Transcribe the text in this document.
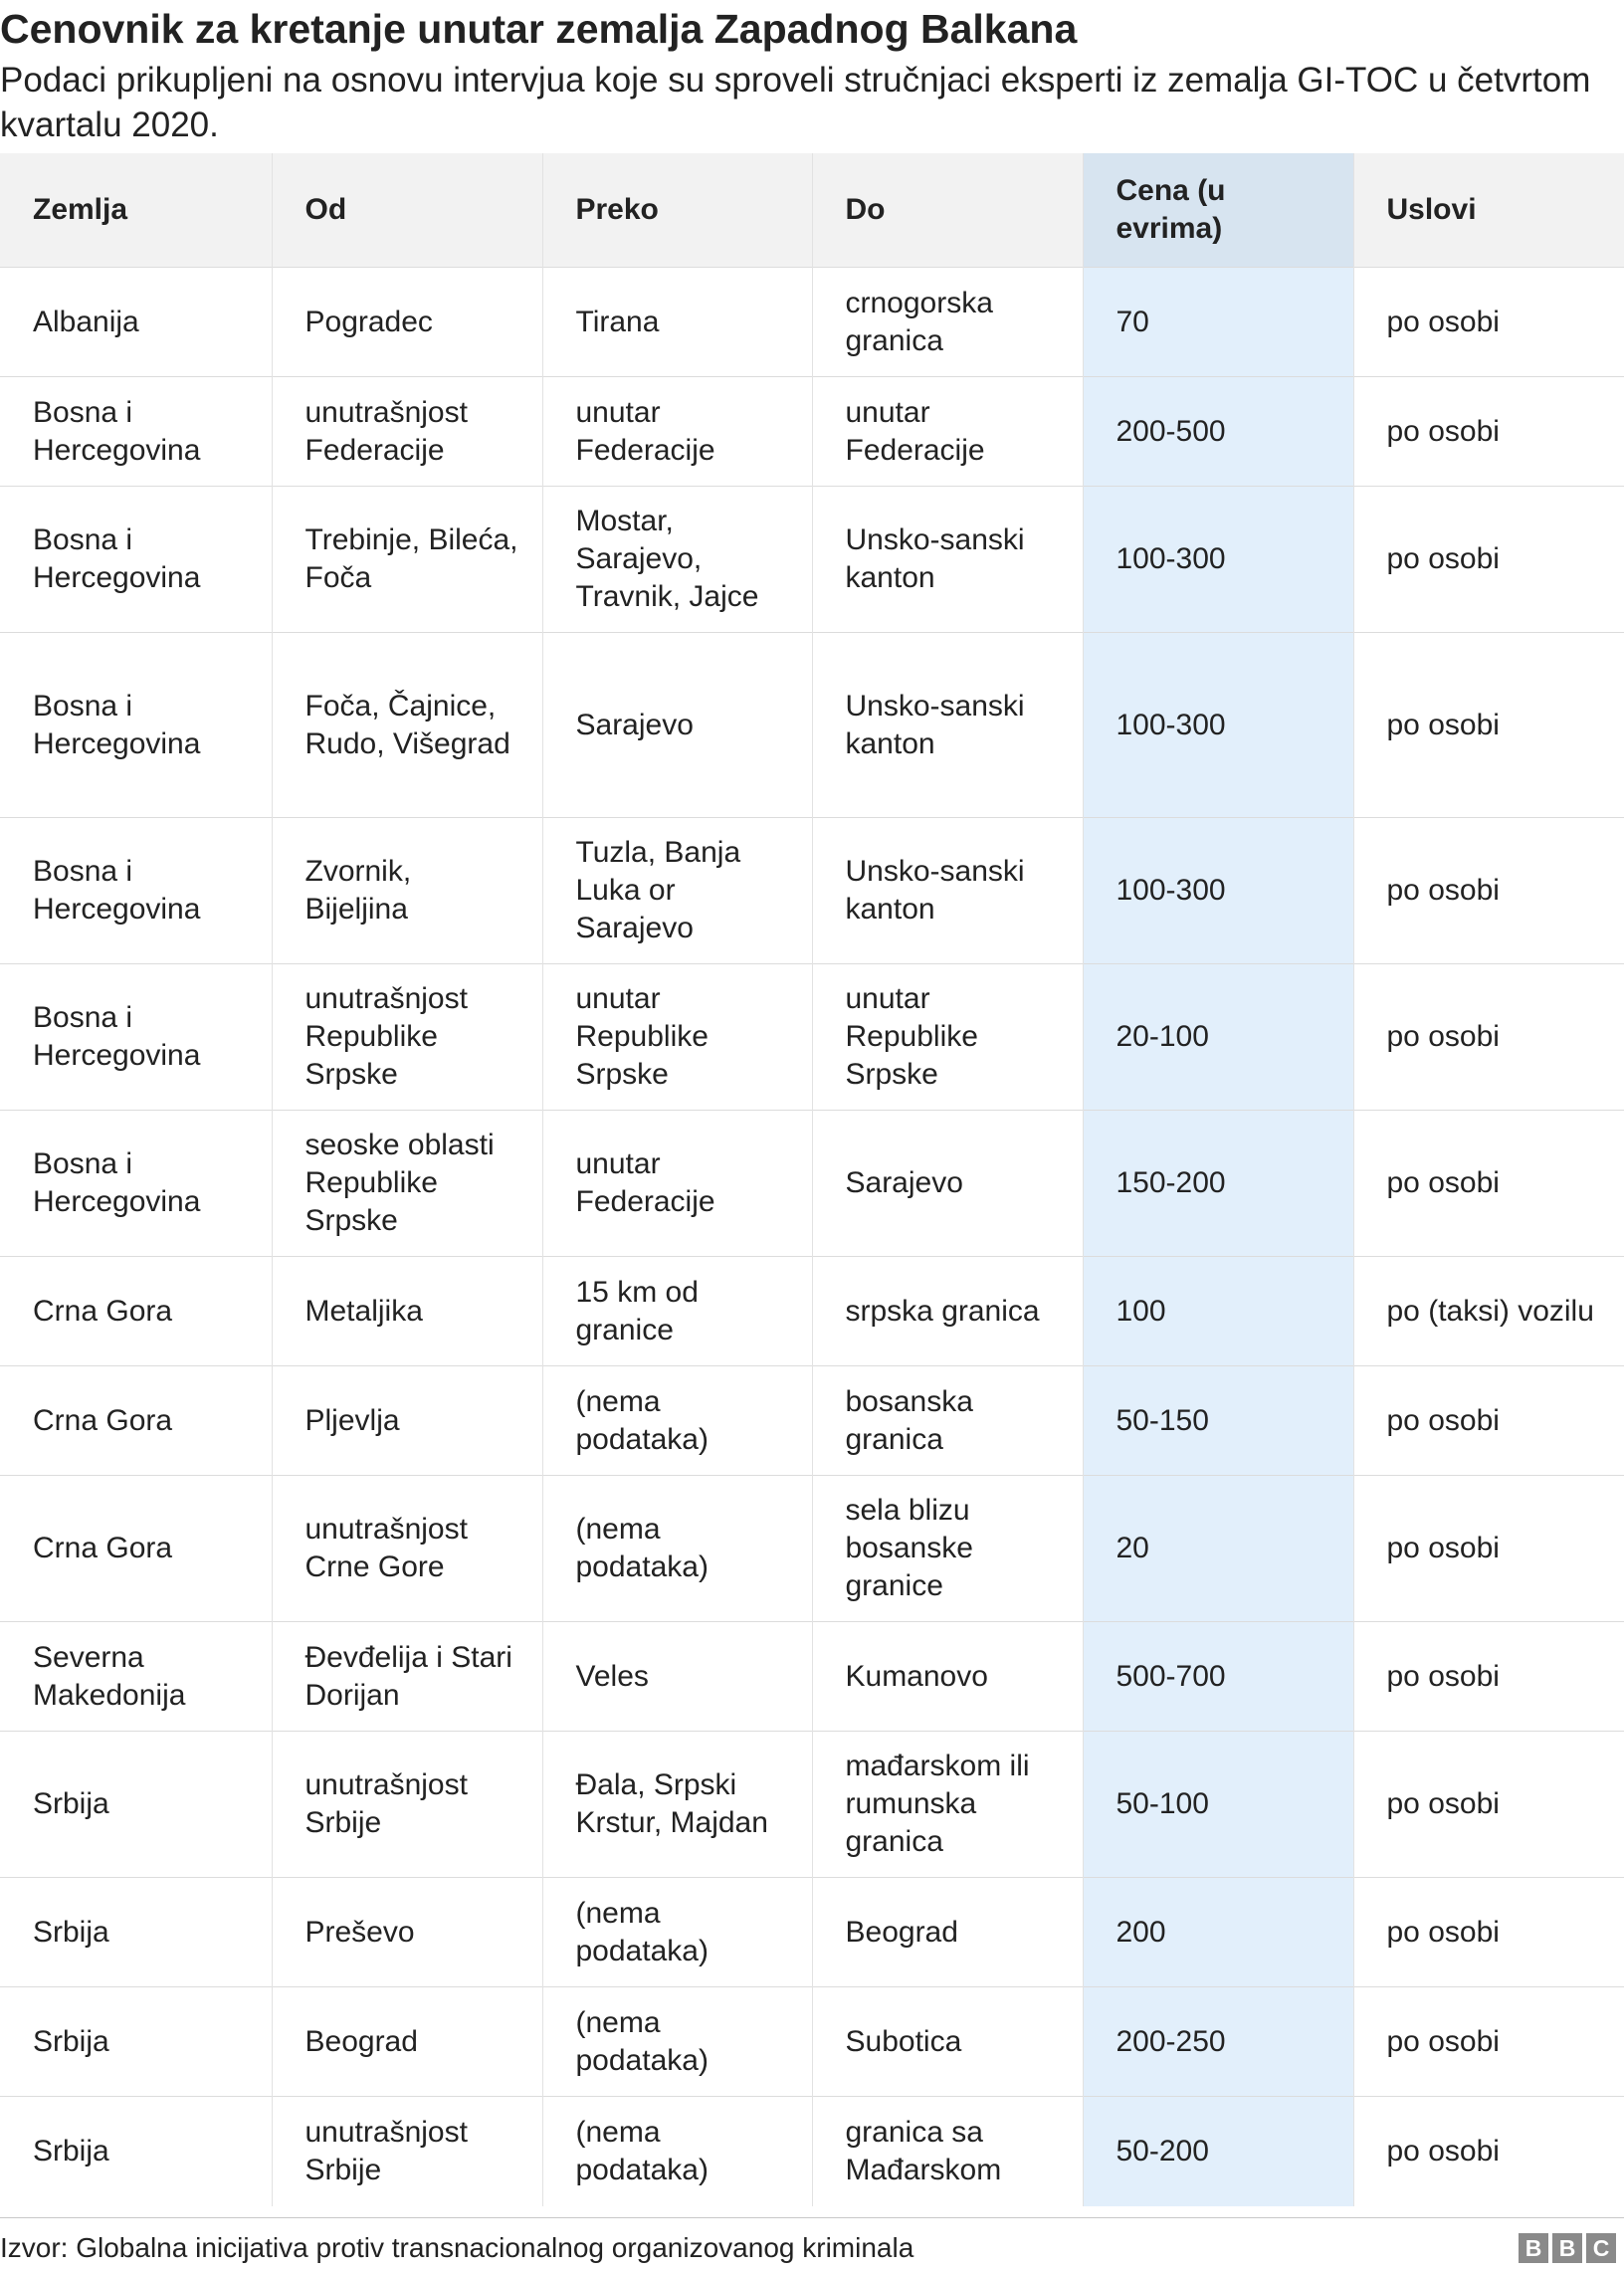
Cenovnik za kretanje unutar zemalja Zapadnog Balkana
Podaci prikupljeni na osnovu intervjua koje su sproveli stručnjaci eksperti iz zemalja GI-TOC u četvrtom kvartalu 2020.
Zemlja	Od	Preko	Do	Cena (u evrima)	Uslovi
Albanija	Pogradec	Tirana	crnogorska granica	70	po osobi
Bosna i Hercegovina	unutrašnjost Federacije	unutar Federacije	unutar Federacije	200-500	po osobi
Bosna i Hercegovina	Trebinje, Bileća, Foča	Mostar, Sarajevo, Travnik, Jajce	Unsko-sanski kanton	100-300	po osobi
Bosna i Hercegovina	Foča, Čajnice, Rudo, Višegrad	Sarajevo	Unsko-sanski kanton	100-300	po osobi
Bosna i Hercegovina	Zvornik, Bijeljina	Tuzla, Banja Luka or Sarajevo	Unsko-sanski kanton	100-300	po osobi
Bosna i Hercegovina	unutrašnjost Republike Srpske	unutar Republike Srpske	unutar Republike Srpske	20-100	po osobi
Bosna i Hercegovina	seoske oblasti Republike Srpske	unutar Federacije	Sarajevo	150-200	po osobi
Crna Gora	Metaljika	15 km od granice	srpska granica	100	po (taksi) vozilu
Crna Gora	Pljevlja	(nema podataka)	bosanska granica	50-150	po osobi
Crna Gora	unutrašnjost Crne Gore	(nema podataka)	sela blizu bosanske granice	20	po osobi
Severna Makedonija	Đevđelija i Stari Dorijan	Veles	Kumanovo	500-700	po osobi
Srbija	unutrašnjost Srbije	Đala, Srpski Krstur, Majdan	mađarskom ili rumunska granica	50-100	po osobi
Srbija	Preševo	(nema podataka)	Beograd	200	po osobi
Srbija	Beograd	(nema podataka)	Subotica	200-250	po osobi
Srbija	unutrašnjost Srbije	(nema podataka)	granica sa Mađarskom	50-200	po osobi
Izvor: Globalna inicijativa protiv transnacionalnog organizovanog kriminala	B B C
